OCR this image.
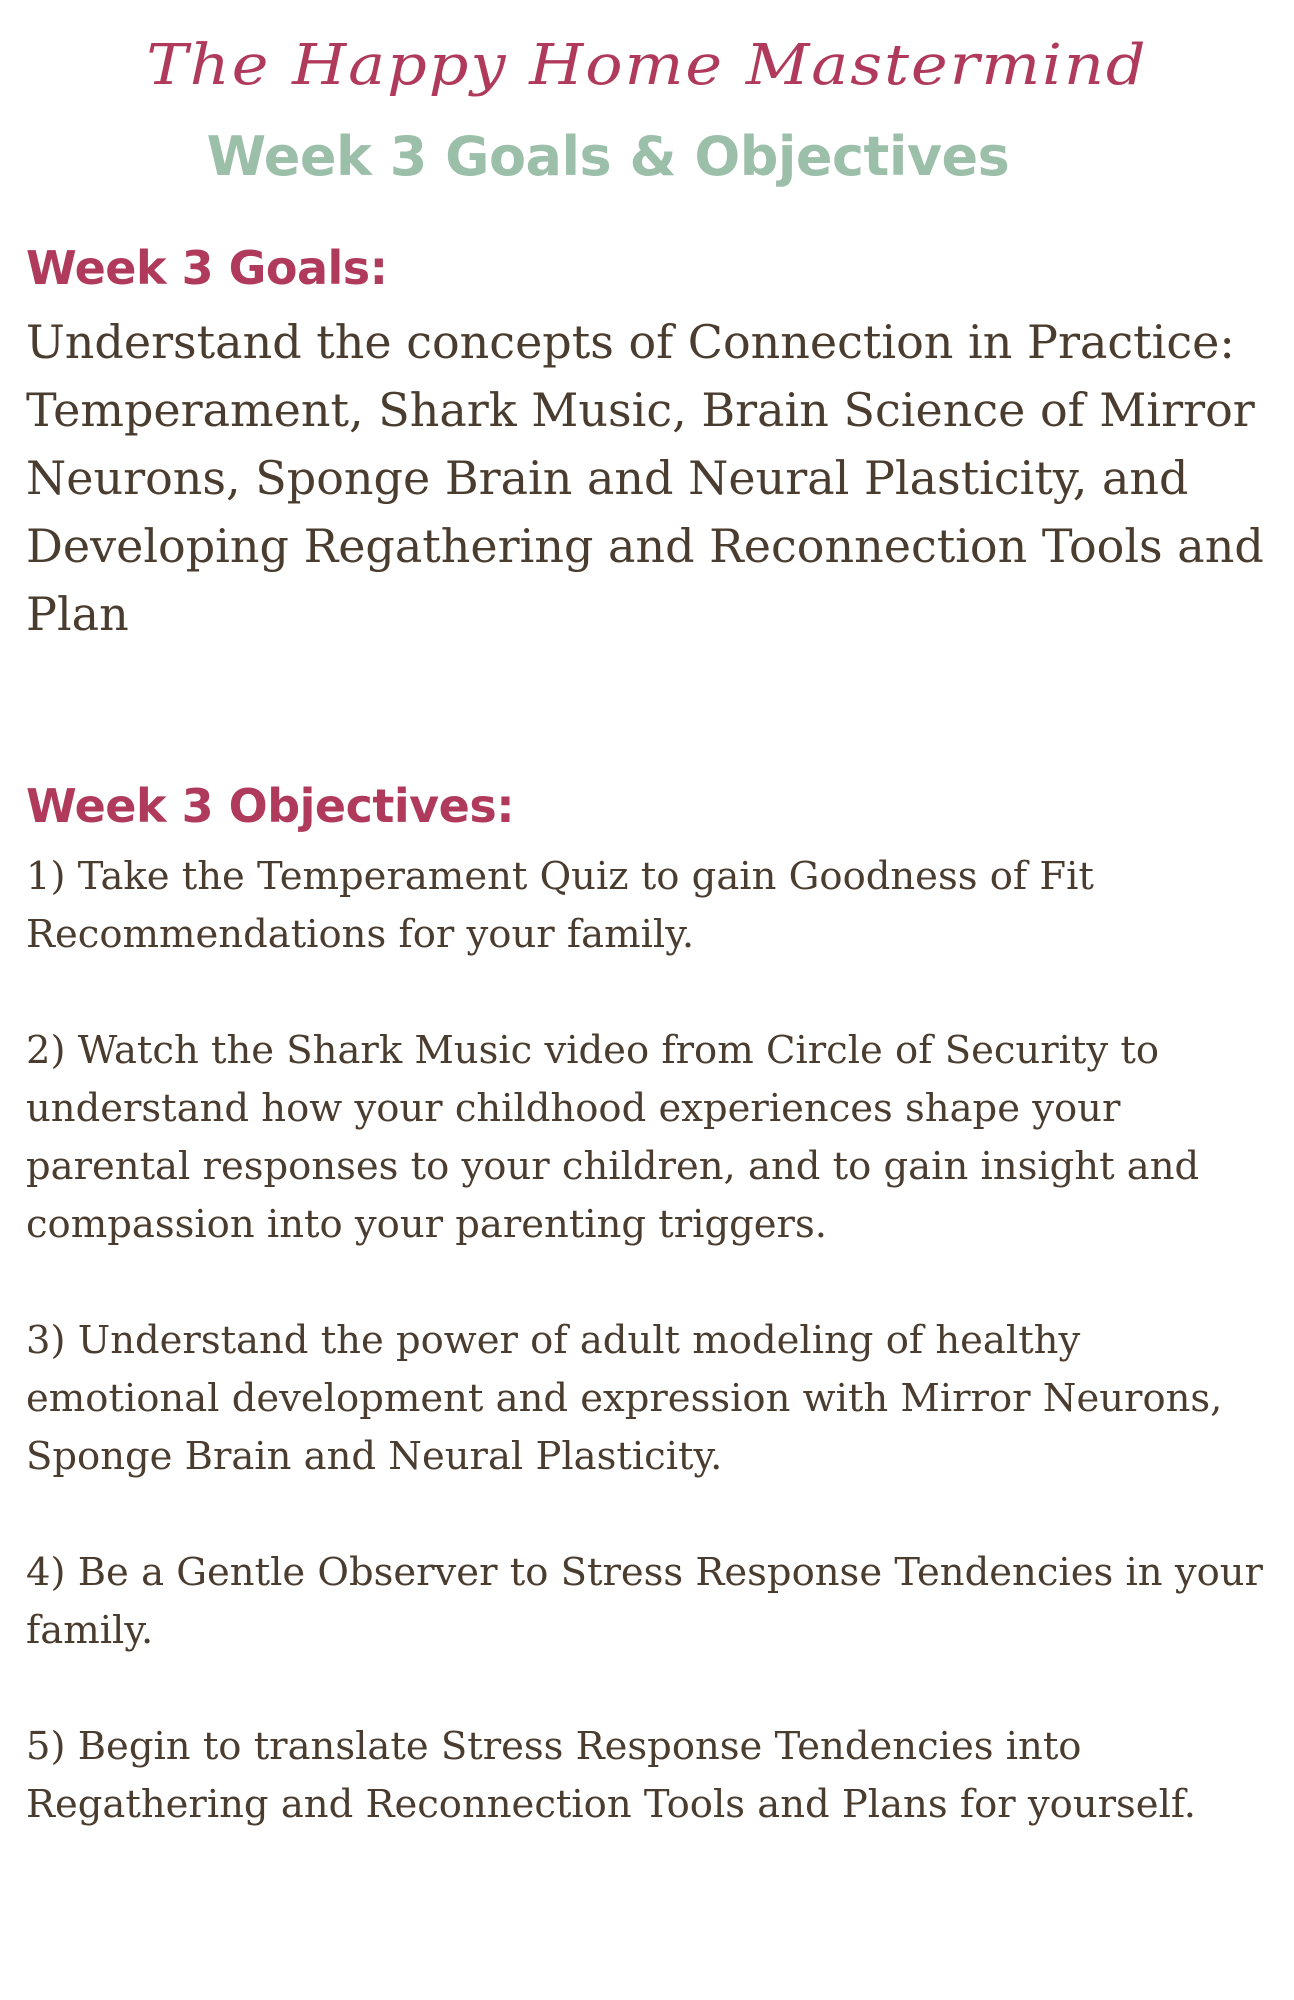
The Happy Home Mastermind
Week 3 Goals & Objectives
Week 3 Goals:
Understand the concepts of Connection in Practice: Temperament, Shark Music, Brain Science of Mirror Neurons, Sponge Brain and Neural Plasticity, and Developing Regathering and Reconnection Tools and Plan
Week 3 Objectives:
1) Take the Temperament Quiz to gain Goodness of Fit Recommendations for your family.
2) Watch the Shark Music video from Circle of Security to understand how your childhood experiences shape your parental responses to your children, and to gain insight and compassion into your parenting triggers.
3) Understand the power of adult modeling of healthy emotional development and expression with Mirror Neurons, Sponge Brain and Neural Plasticity.
4) Be a Gentle Observer to Stress Response Tendencies in your family.
5) Begin to translate Stress Response Tendencies into Regathering and Reconnection Tools and Plans for yourself.
